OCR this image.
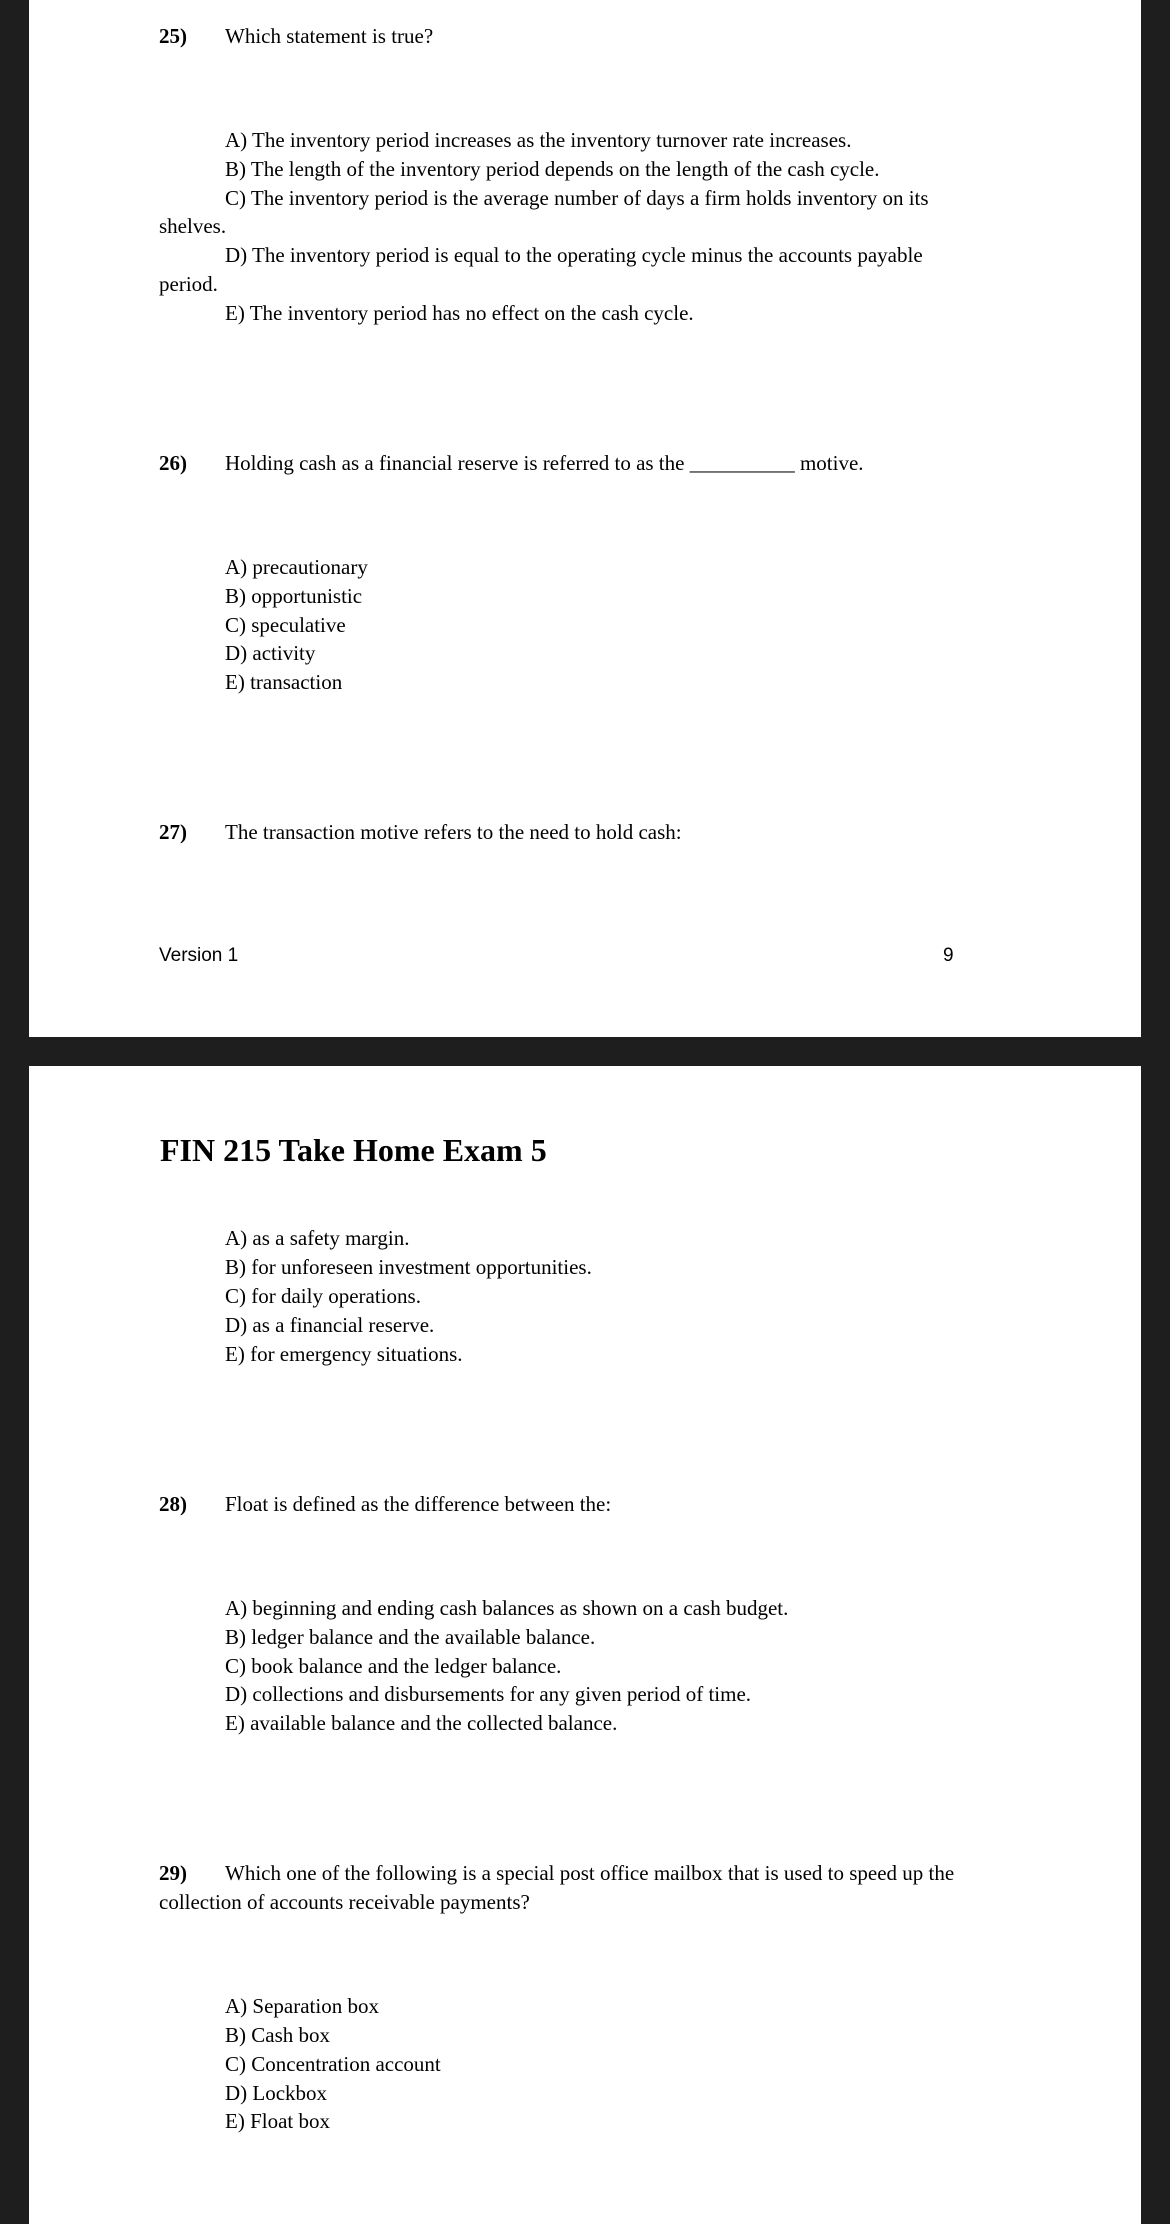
25) Which statement is true?
A) The inventory period increases as the inventory turnover rate increases.
B) The length of the inventory period depends on the length of the cash cycle.
C) The inventory period is the average number of days a firm holds inventory on its
shelves.
D) The inventory period is equal to the operating cycle minus the accounts payable
period.
E) The inventory period has no effect on the cash cycle.
26) Holding cash as a financial reserve is referred to as the __________ motive.
A) precautionary
B) opportunistic
C) speculative
D) activity
E) transaction
27) The transaction motive refers to the need to hold cash:
Version 1	9
FIN 215 Take Home Exam 5
A) as a safety margin.
B) for unforeseen investment opportunities.
C) for daily operations.
D) as a financial reserve.
E) for emergency situations.
28) Float is defined as the difference between the:
A) beginning and ending cash balances as shown on a cash budget.
B) ledger balance and the available balance.
C) book balance and the ledger balance.
D) collections and disbursements for any given period of time.
E) available balance and the collected balance.
29) Which one of the following is a special post office mailbox that is used to speed up the
collection of accounts receivable payments?
A) Separation box
B) Cash box
C) Concentration account
D) Lockbox
E) Float box
